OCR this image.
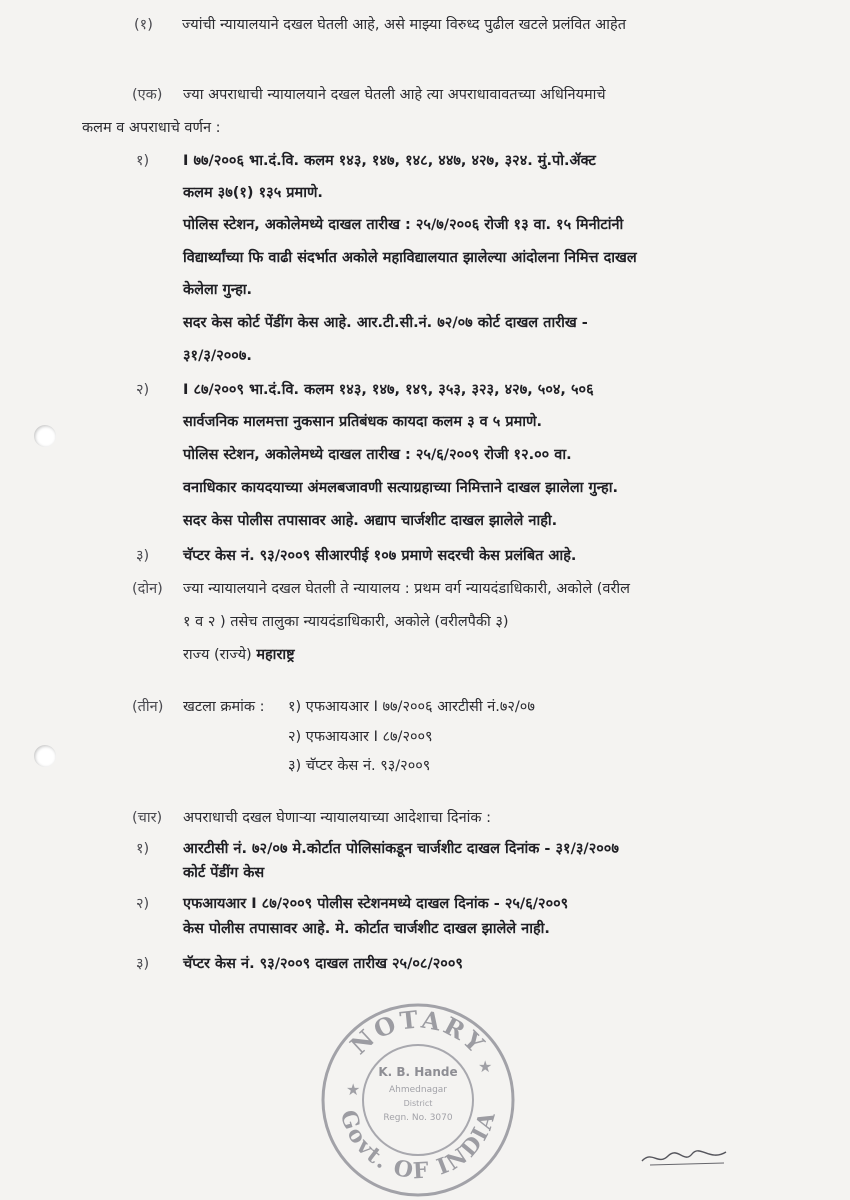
(१) ज्यांची न्यायालयाने दखल घेतली आहे, असे माझ्या विरुध्द पुढील खटले प्रलंवित आहेत
(एक) ज्या अपराधाची न्यायालयाने दखल घेतली आहे त्या अपराधावावतच्या अधिनियमाचे
कलम व अपराधाचे वर्णन :
१) I ७७/२००६ भा.दं.वि. कलम १४३, १४७, १४८, ४४७, ४२७, ३२४. मुं.पो.ॲक्ट
कलम ३७(१) १३५ प्रमाणे.
पोलिस स्टेशन, अकोलेमध्ये दाखल तारीख : २५/७/२००६ रोजी १३ वा. १५ मिनीटांनी
विद्यार्थ्यांच्या फि वाढी संदर्भात अकोले महाविद्यालयात झालेल्या आंदोलना निमित्त दाखल
केलेला गुन्हा.
सदर केस कोर्ट पेंडींग केस आहे. आर.टी.सी.नं. ७२/०७ कोर्ट दाखल तारीख -
३१/३/२००७.
२) I ८७/२००९ भा.दं.वि. कलम १४३, १४७, १४९, ३५३, ३२३, ४२७, ५०४, ५०६
सार्वजनिक मालमत्ता नुकसान प्रतिबंधक कायदा कलम ३ व ५ प्रमाणे.
पोलिस स्टेशन, अकोलेमध्ये दाखल तारीख : २५/६/२००९ रोजी १२.०० वा.
वनाधिकार कायदयाच्या अंमलबजावणी सत्याग्रहाच्या निमित्ताने दाखल झालेला गुन्हा.
सदर केस पोलीस तपासावर आहे. अद्याप चार्जशीट दाखल झालेले नाही.
३) चॅप्टर केस नं. ९३/२००९ सीआरपीई १०७ प्रमाणे सदरची केस प्रलंबित आहे.
(दोन) ज्या न्यायालयाने दखल घेतली ते न्यायालय : प्रथम वर्ग न्यायदंडाधिकारी, अकोले (वरील
१ व २ ) तसेच तालुका न्यायदंडाधिकारी, अकोले (वरीलपैकी ३)
राज्य (राज्ये) महाराष्ट्र
(तीन) खटला क्रमांक : १) एफआयआर I ७७/२००६ आरटीसी नं.७२/०७
२) एफआयआर I ८७/२००९
३) चॅप्टर केस नं. ९३/२००९
(चार) अपराधाची दखल घेणाऱ्या न्यायालयाच्या आदेशाचा दिनांक :
१) आरटीसी नं. ७२/०७ मे.कोर्टात पोलिसांकडून चार्जशीट दाखल दिनांक - ३१/३/२००७
कोर्ट पेंडींग केस
२) एफआयआर I ८७/२००९ पोलीस स्टेशनमध्ये दाखल दिनांक - २५/६/२००९
केस पोलीस तपासावर आहे. मे. कोर्टात चार्जशीट दाखल झालेले नाही.
३) चॅप्टर केस नं. ९३/२००९ दाखल तारीख २५/०८/२००९
NOTARY
Govt. OF INDIA
★
★
K. B. Hande
Ahmednagar
District
Regn. No. 3070
